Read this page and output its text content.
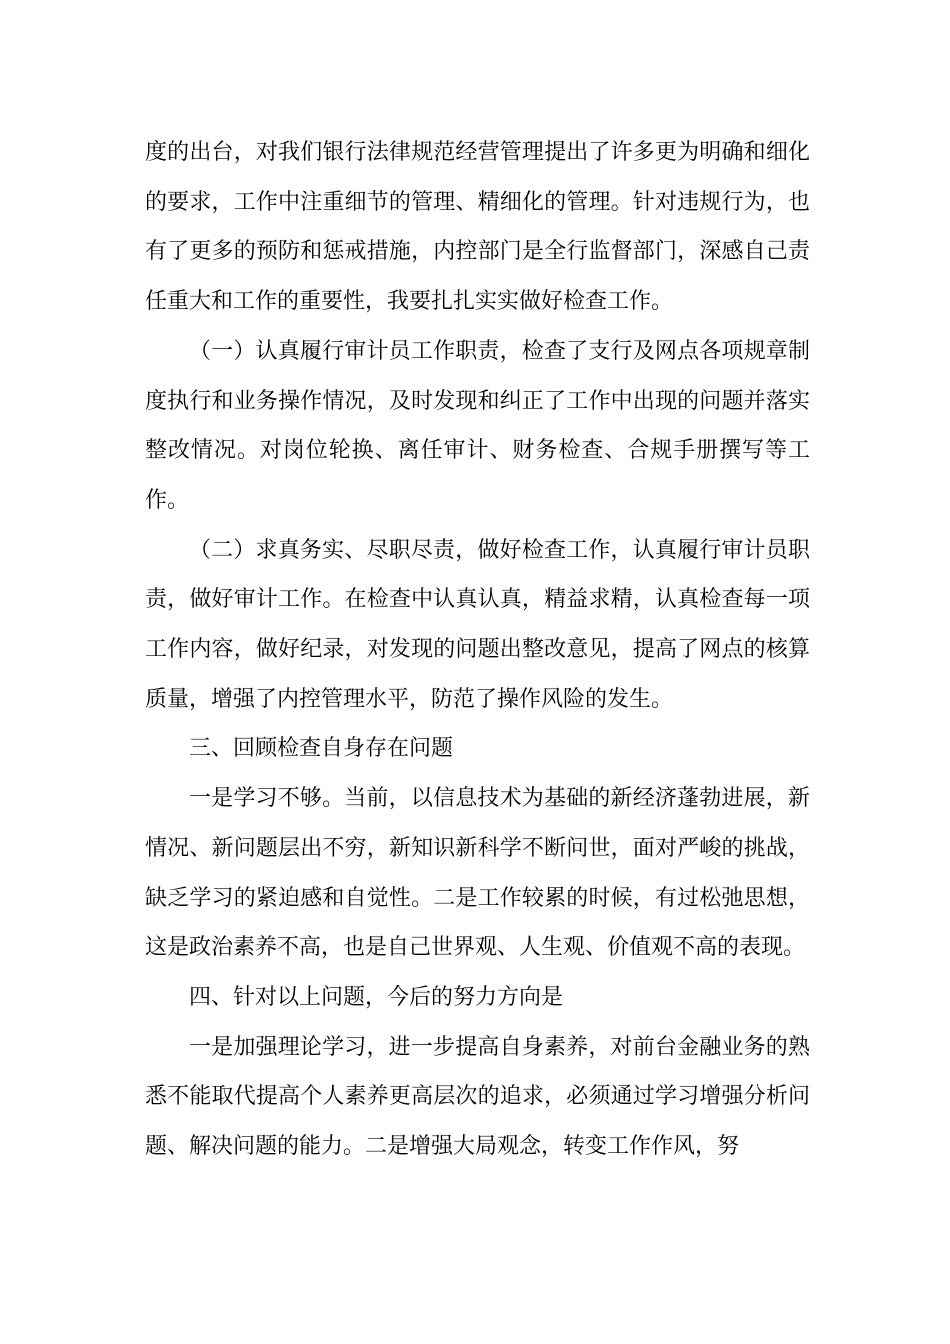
度的出台，对我们银行法律规范经营管理提出了许多更为明确和细化的要求，工作中注重细节的管理、精细化的管理。针对违规行为，也有了更多的预防和惩戒措施，内控部门是全行监督部门，深感自己责任重大和工作的重要性，我要扎扎实实做好检查工作。

（一）认真履行审计员工作职责，检查了支行及网点各项规章制度执行和业务操作情况，及时发现和纠正了工作中出现的问题并落实整改情况。对岗位轮换、离任审计、财务检查、合规手册撰写等工作。

（二）求真务实、尽职尽责，做好检查工作，认真履行审计员职责，做好审计工作。在检查中认真认真，精益求精，认真检查每一项工作内容，做好纪录，对发现的问题出整改意见，提高了网点的核算质量，增强了内控管理水平，防范了操作风险的发生。

三、回顾检查自身存在问题

一是学习不够。当前，以信息技术为基础的新经济蓬勃进展，新情况、新问题层出不穷，新知识新科学不断问世，面对严峻的挑战，缺乏学习的紧迫感和自觉性。二是工作较累的时候，有过松弛思想，这是政治素养不高，也是自己世界观、人生观、价值观不高的表现。

四、针对以上问题，今后的努力方向是

一是加强理论学习，进一步提高自身素养，对前台金融业务的熟悉不能取代提高个人素养更高层次的追求，必须通过学习增强分析问题、解决问题的能力。二是增强大局观念，转变工作作风，努
